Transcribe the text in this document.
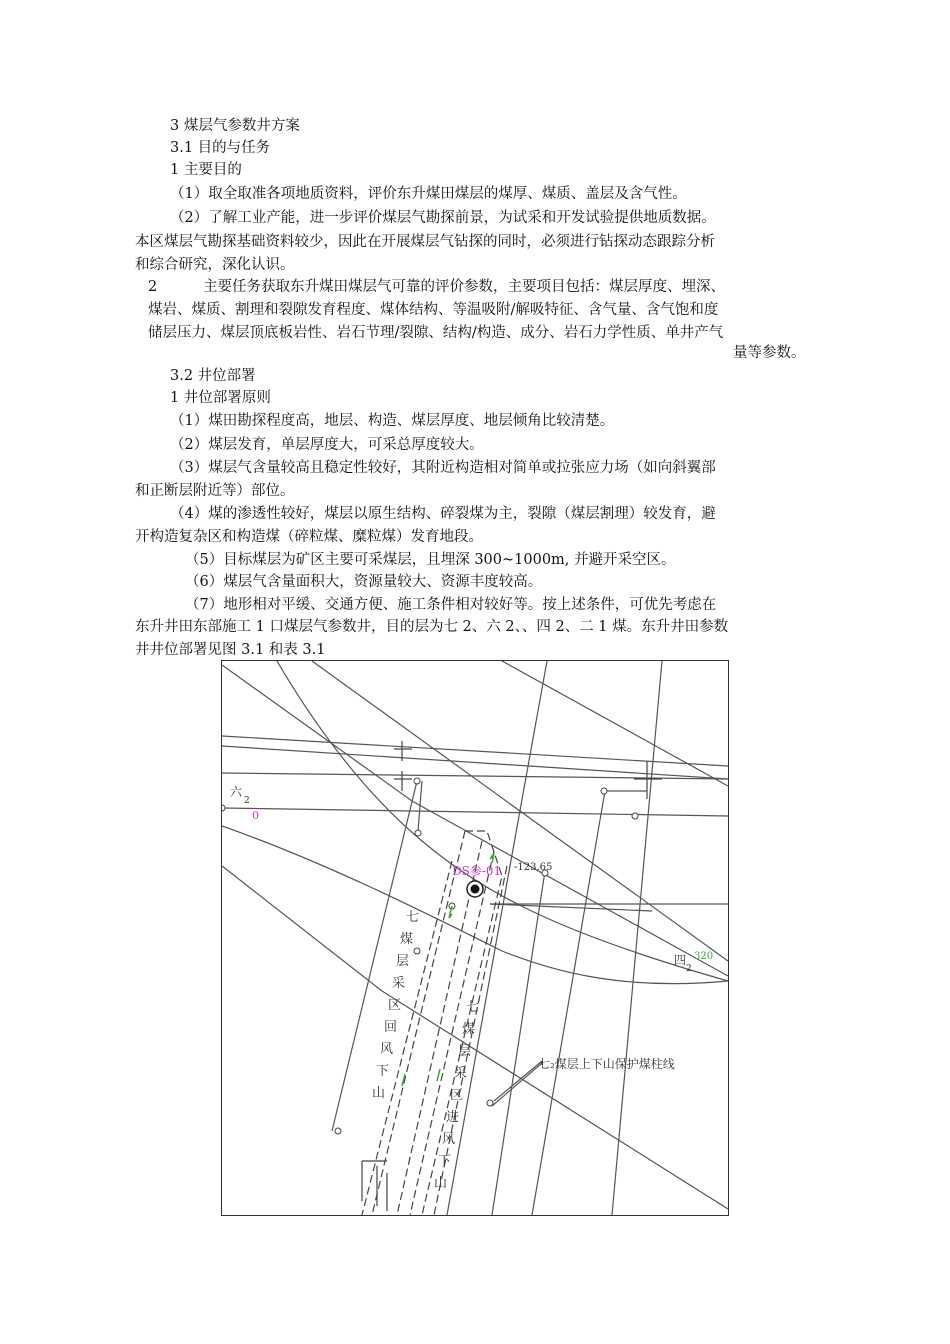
3 煤层气参数井方案
3.1 目的与任务
1 主要目的
（1）取全取准各项地质资料，评价东升煤田煤层的煤厚、煤质、盖层及含气性。
（2）了解工业产能，进一步评价煤层气勘探前景，为试采和开发试验提供地质数据。
本区煤层气勘探基础资料较少，因此在开展煤层气钻探的同时，必须进行钻探动态跟踪分析
和综合研究，深化认识。
2	主要任务获取东升煤田煤层气可靠的评价参数，主要项目包括：煤层厚度、埋深、
煤岩、煤质、割理和裂隙发育程度、煤体结构、等温吸附/解吸特征、含气量、含气饱和度
储层压力、煤层顶底板岩性、岩石节理/裂隙、结构/构造、成分、岩石力学性质、单井产气
量等参数。
3.2 井位部署
1 井位部署原则
（1）煤田勘探程度高，地层、构造、煤层厚度、地层倾角比较清楚。
（2）煤层发育，单层厚度大，可采总厚度较大。
（3）煤层气含量较高且稳定性较好，其附近构造相对简单或拉张应力场（如向斜翼部
和正断层附近等）部位。
（4）煤的渗透性较好，煤层以原生结构、碎裂煤为主，裂隙（煤层割理）较发育，避
开构造复杂区和构造煤（碎粒煤、糜粒煤）发育地段。
（5）目标煤层为矿区主要可采煤层，且埋深 300~1000m, 并避开采空区。
（6）煤层气含量面积大，资源量较大、资源丰度较高。
（7）地形相对平缓、交通方便、施工条件相对较好等。按上述条件，可优先考虑在
东升井田东部施工 1 口煤层气参数井，目的层为七 2、六 2、、四 2、二 1 煤。东升井田参数
井井位部署见图 3.1 和表 3.1
六
2
0
DS参-01 -123.65
四
2
320
七₂煤层上下山保护煤柱线
七
煤
层
采
区
回
风
下
山
七
煤
层
采
区
进
风
下
山
